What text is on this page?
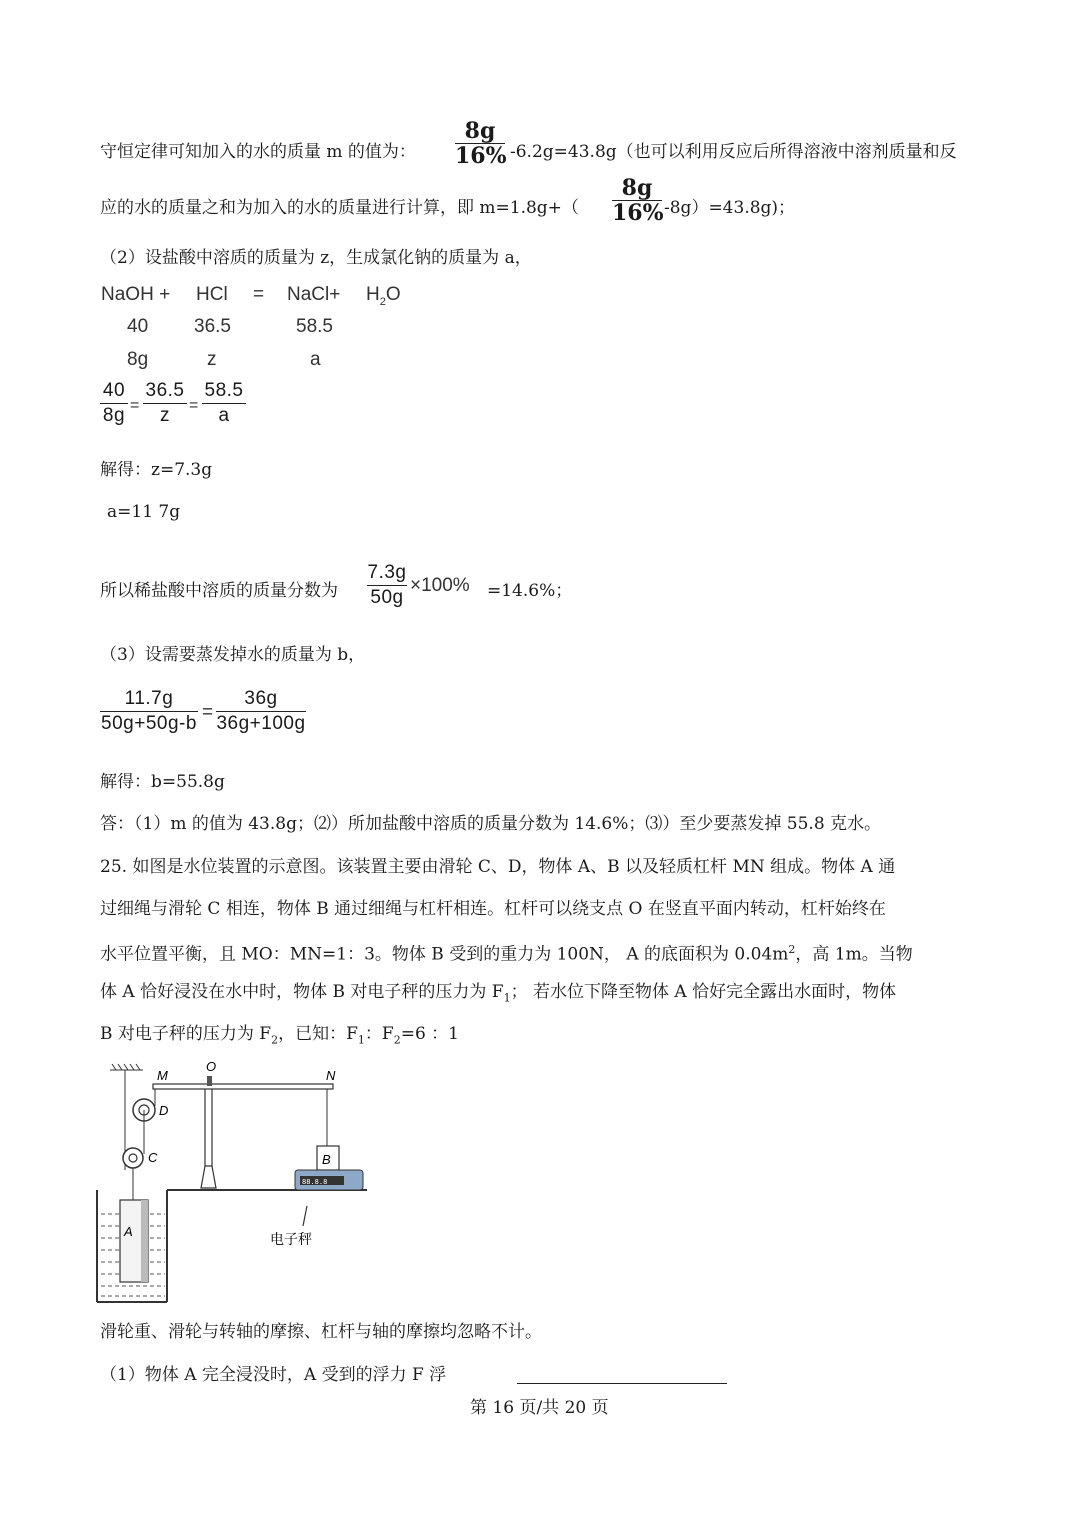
守恒定律可知加入的水的质量 m 的值为：
8g
16% -6.2g=43.8g（也可以利用反应后所得溶液中溶剂质量和反
应的水的质量之和为加入的水的质量进行计算，即 m=1.8g+（
8g
16% -8g）=43.8g)；
（2）设盐酸中溶质的质量为 z，生成氯化钠的质量为 a，
NaOH + HCl = NaCl+ $H_2O$
40 36.5	58.5
8g	z	a
40
8g =
36.5
z	=
58.5
a
解得：z=7.3g
a=11 7g
所以稀盐酸中溶质的质量分数为
7.3g
50g
×100% =14.6%；
（3）设需要蒸发掉水的质量为 b，
11.7g
50g+50g-b
=
36g
36g+100g
解得：b=55.8g
答：（1）m 的值为 43.8g；⑵）所加盐酸中溶质的质量分数为 14.6%；⑶）至少要蒸发掉 55.8 克水。
25. 如图是水位装置的示意图。该装置主要由滑轮 C、D，物体 A、B 以及轻质杠杆 MN 组成。物体 A 通
过细绳与滑轮 C 相连，物体 B 通过细绳与杠杆相连。杠杆可以绕支点 O 在竖直平面内转动，杠杆始终在
水平位置平衡，且 MO：MN=1：3。物体 B 受到的重力为 100N， A 的底面积为 $0.04m^2$，高 1m。当物
体 A 恰好浸没在水中时，物体 B 对电子秤的压力为 $F_1$； 若水位下降至物体 A 恰好完全露出水面时，物体
B 对电子秤的压力为 $F_2$，已知：$F_1$：$F_2=6$ ：1
M
O
N
D
C
A
B
88.8.8
电子秤
滑轮重、滑轮与转轴的摩擦、杠杆与轴的摩擦均忽略不计。
（1）物体 A 完全浸没时，A 受到的浮力 F 浮
第 16 页/共 20 页
